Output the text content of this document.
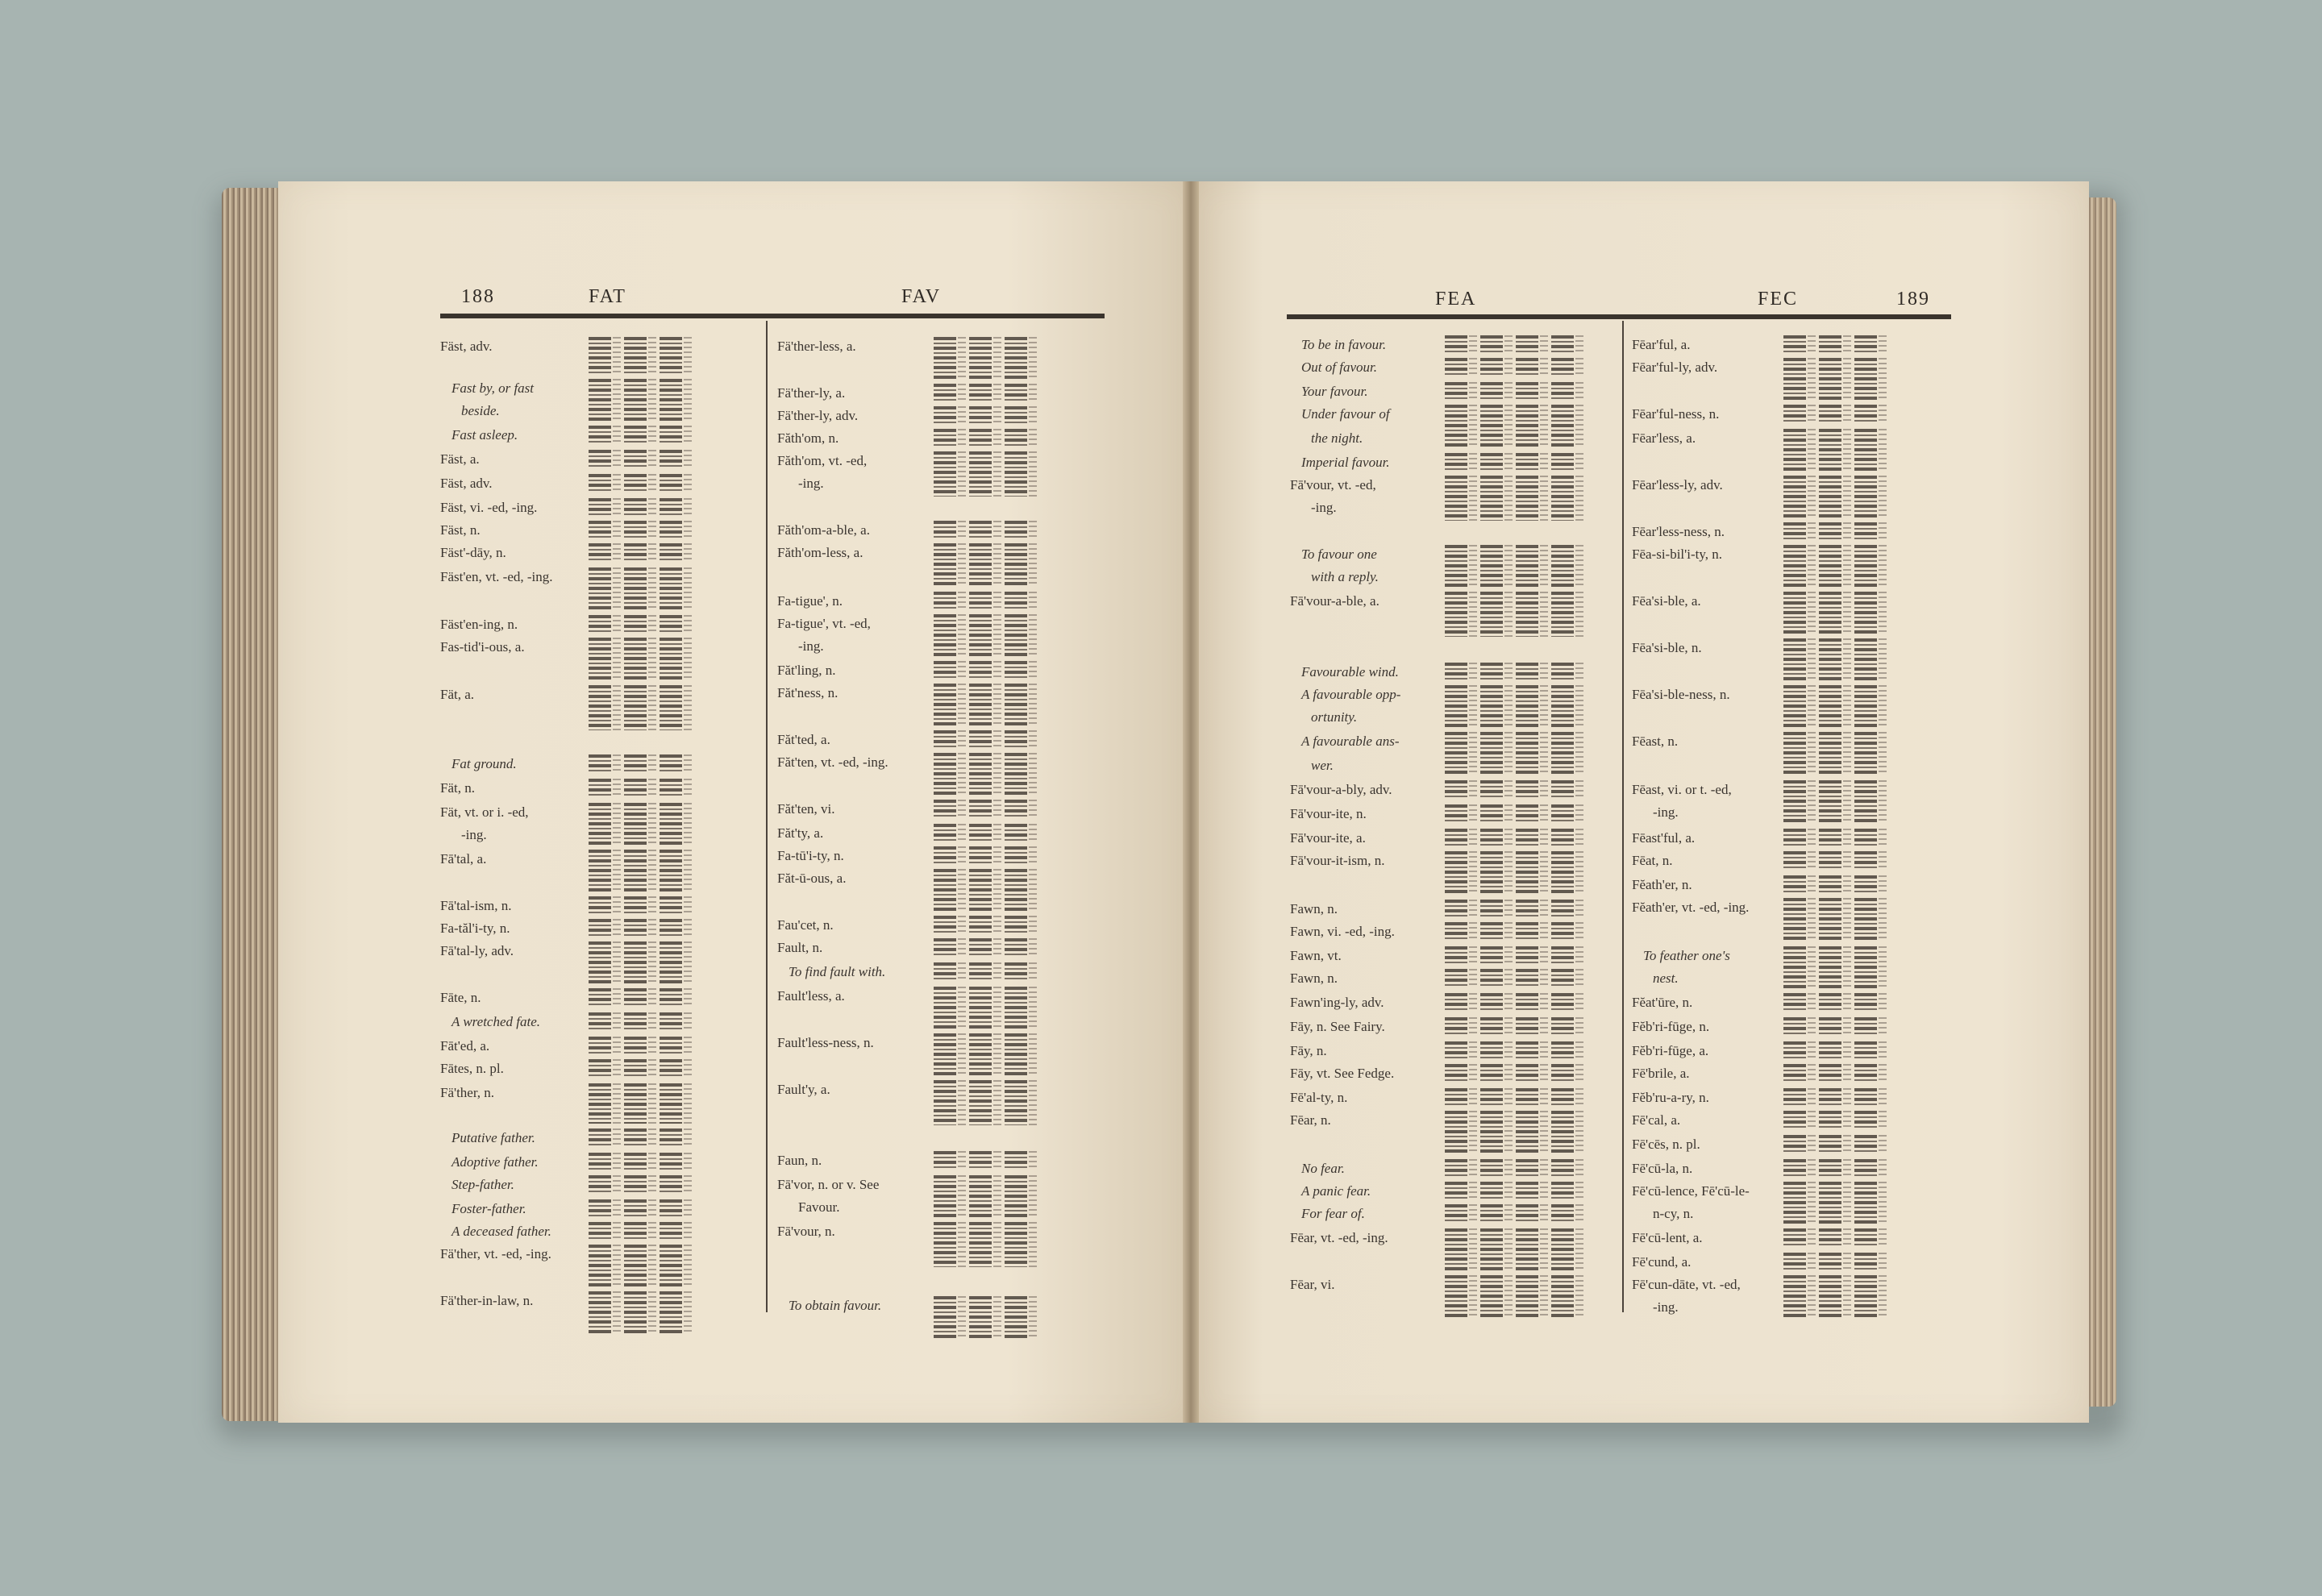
188	FAT	FAV	FEA	FEC	189
Fäst, adv.
Fast by, or fast
beside.
Fast asleep.
Fäst, a.
Fäst, adv.
Fäst, vi. -ed, -ing.
Fäst, n.
Fäst'-dāy, n.
Fäst'en, vt. -ed, -ing.
Fäst'en-ing, n.
Fas-tid'i-ous, a.
Fät, a.
Fat ground.
Fät, n.
Fät, vt. or i. -ed,
-ing.
Fā'tal, a.
Fā'tal-ism, n.
Fa-tăl'i-ty, n.
Fā'tal-ly, adv.
Fāte, n.
A wretched fate.
Fāt'ed, a.
Fātes, n. pl.
Fä'ther, n.
Putative father.
Adoptive father.
Step-father.
Foster-father.
A deceased father.
Fä'ther, vt. -ed, -ing.
Fä'ther-in-law, n.
Fä'ther-less, a.
Fä'ther-ly, a.
Fä'ther-ly, adv.
Făth'om, n.
Făth'om, vt. -ed,
-ing.
Făth'om-a-ble, a.
Făth'om-less, a.
Fa-tigue', n.
Fa-tigue', vt. -ed,
-ing.
Făt'ling, n.
Făt'ness, n.
Făt'ted, a.
Făt'ten, vt. -ed, -ing.
Făt'ten, vi.
Făt'ty, a.
Fa-tū'i-ty, n.
Făt-ū-ous, a.
Fau'cet, n.
Fault, n.
To find fault with.
Fault'less, a.
Fault'less-ness, n.
Fault'y, a.
Faun, n.
Fā'vor, n. or v. See
Favour.
Fā'vour, n.
To obtain favour.
To be in favour.
Out of favour.
Your favour.
Under favour of
the night.
Imperial favour.
Fā'vour, vt. -ed,
-ing.
To favour one
with a reply.
Fā'vour-a-ble, a.
Favourable wind.
A favourable opp-
ortunity.
A favourable ans-
wer.
Fā'vour-a-bly, adv.
Fā'vour-ite, n.
Fā'vour-ite, a.
Fā'vour-it-ism, n.
Fawn, n.
Fawn, vi. -ed, -ing.
Fawn, vt.
Fawn, n.
Fawn'ing-ly, adv.
Fāy, n. See Fairy.
Fāy, n.
Fāy, vt. See Fedge.
Fē'al-ty, n.
Fēar, n.
No fear.
A panic fear.
For fear of.
Fēar, vt. -ed, -ing.
Fēar, vi.
Fēar'ful, a.
Fēar'ful-ly, adv.
Fēar'ful-ness, n.
Fēar'less, a.
Fēar'less-ly, adv.
Fēar'less-ness, n.
Fēa-si-bil'i-ty, n.
Fēa'si-ble, a.
Fēa'si-ble, n.
Fēa'si-ble-ness, n.
Fēast, n.
Fēast, vi. or t. -ed,
-ing.
Fēast'ful, a.
Fēat, n.
Fĕath'er, n.
Fĕath'er, vt. -ed, -ing.
To feather one's
nest.
Fĕat'ūre, n.
Fĕb'ri-fūge, n.
Fĕb'ri-fūge, a.
Fē'brile, a.
Fĕb'ru-a-ry, n.
Fē'cal, a.
Fē'cēs, n. pl.
Fē'cū-la, n.
Fē'cū-lence, Fē'cū-le-
n-cy, n.
Fē'cū-lent, a.
Fē'cund, a.
Fē'cun-dāte, vt. -ed,
-ing.
